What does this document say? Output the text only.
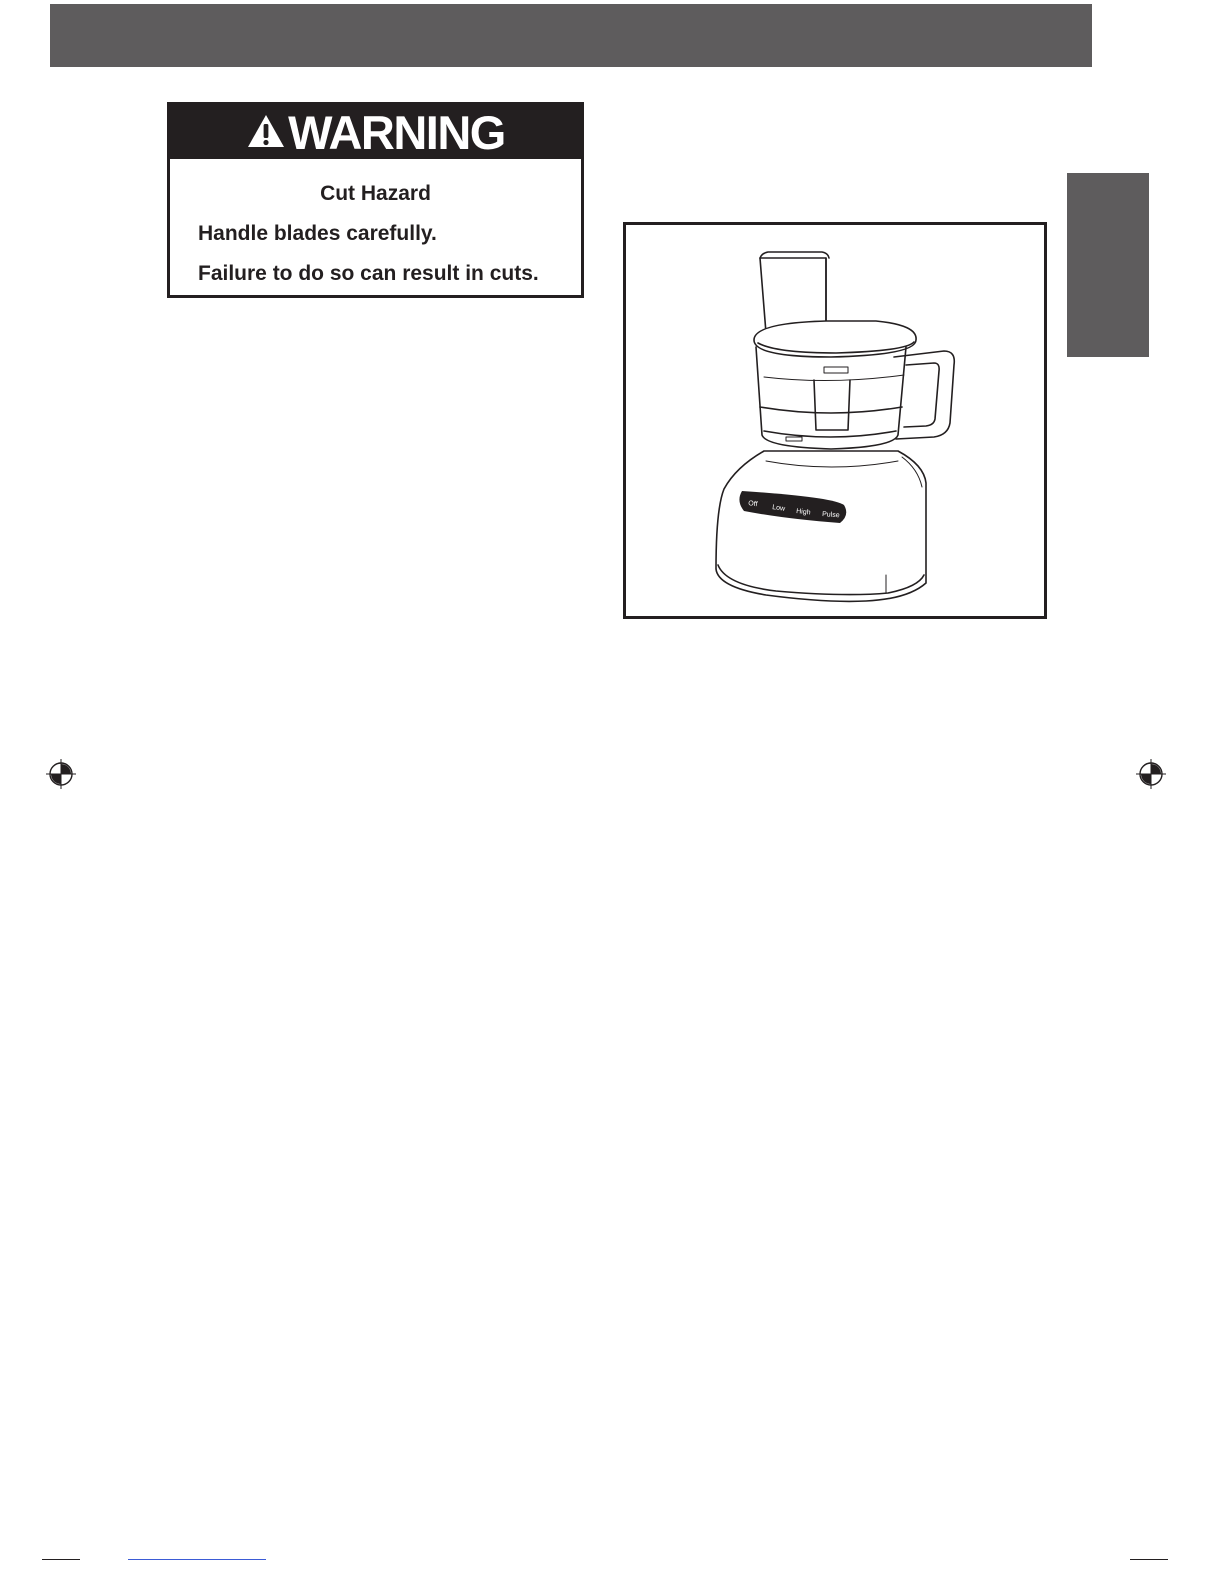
WARNING
Cut Hazard
Handle blades carefully.
Failure to do so can result in cuts.
Off Low High Pulse
